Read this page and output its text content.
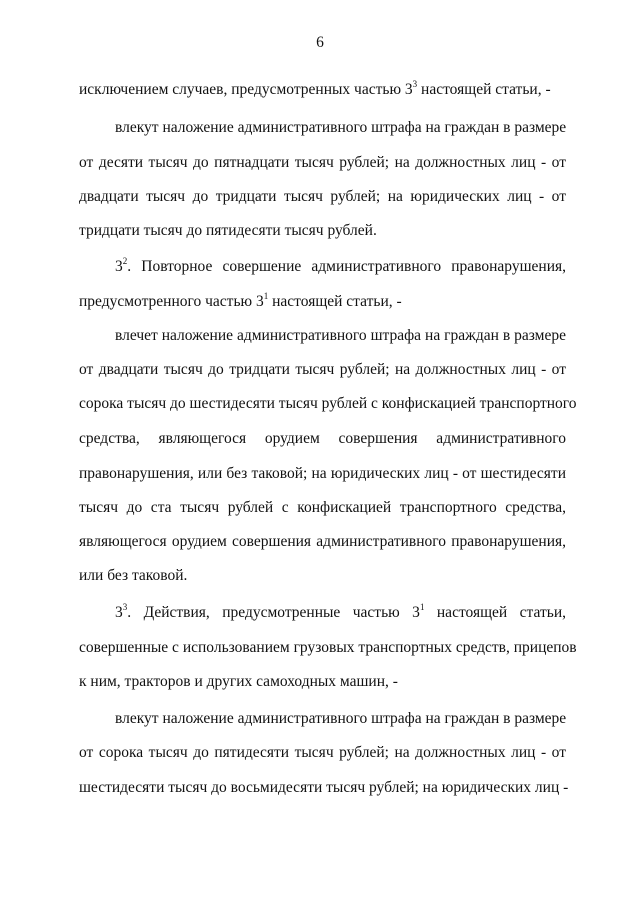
6
исключением случаев, предусмотренных частью $3^3$ настоящей статьи, -
влекут наложение административного штрафа на граждан в размере
от десяти тысяч до пятнадцати тысяч рублей; на должностных лиц - от
двадцати тысяч до тридцати тысяч рублей; на юридических лиц - от
тридцати тысяч до пятидесяти тысяч рублей.
$3^2$. Повторное совершение административного правонарушения,
предусмотренного частью $3^1$ настоящей статьи, -
влечет наложение административного штрафа на граждан в размере
от двадцати тысяч до тридцати тысяч рублей; на должностных лиц - от
сорока тысяч до шестидесяти тысяч рублей с конфискацией транспортного
средства, являющегося орудием совершения административного
правонарушения, или без таковой; на юридических лиц - от шестидесяти
тысяч до ста тысяч рублей с конфискацией транспортного средства,
являющегося орудием совершения административного правонарушения,
или без таковой.
$3^3$. Действия, предусмотренные частью $3^1$ настоящей статьи,
совершенные с использованием грузовых транспортных средств, прицепов
к ним, тракторов и других самоходных машин, -
влекут наложение административного штрафа на граждан в размере
от сорока тысяч до пятидесяти тысяч рублей; на должностных лиц - от
шестидесяти тысяч до восьмидесяти тысяч рублей; на юридических лиц -
